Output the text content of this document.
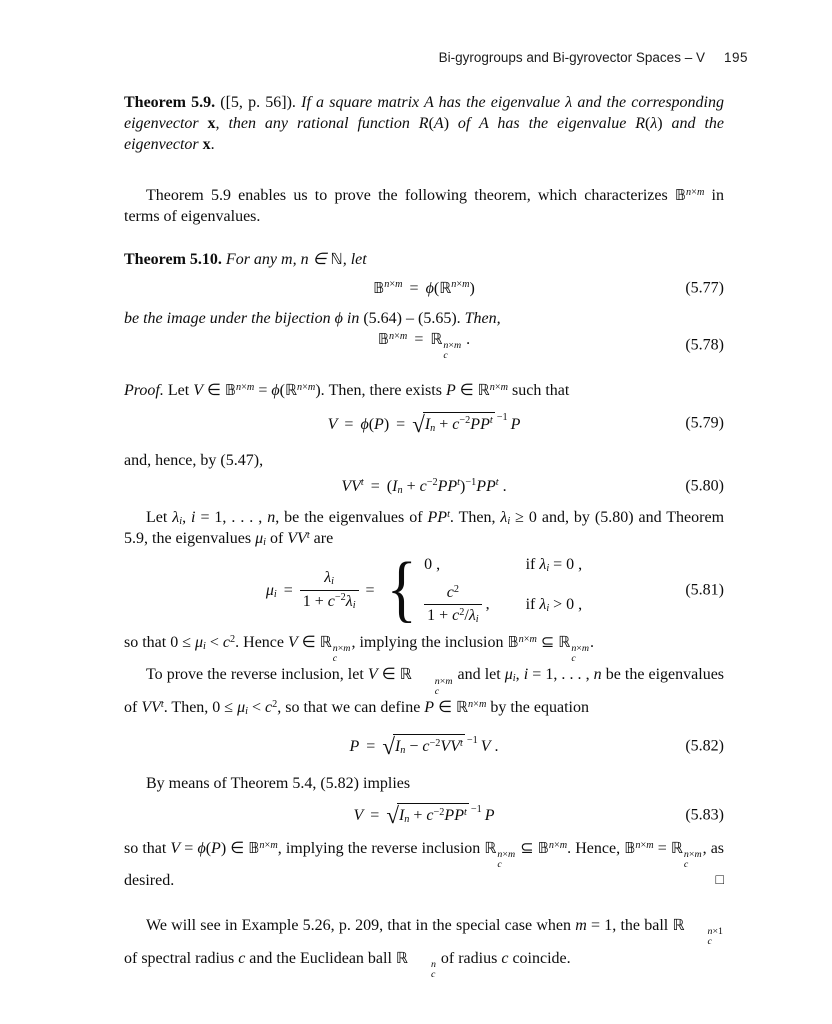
Bi-gyrogroups and Bi-gyrovector Spaces – V 195

Theorem 5.9. ([5, p. 56]). If a square matrix A has the eigenvalue λ and the corresponding eigenvector x, then any rational function R(A) of A has the eigenvalue R(λ) and the eigenvector x.

Theorem 5.9 enables us to prove the following theorem, which characterizes 𝔹$^{n\times m}$ in terms of eigenvalues.

Theorem 5.10. For any m, n ∈ ℕ, let

𝔹$^{n\times m}$ = ϕ(ℝ$^{n\times m}$)	(5.77)

be the image under the bijection ϕ in (5.64) – (5.65). Then,

𝔹$^{n\times m}$ = ℝ n×m
c
.	(5.78)

Proof. Let V ∈ 𝔹$^{n\times m}$ = ϕ(ℝ$^{n\times m}$). Then, there exists P ∈ ℝ$^{n\times m}$ such that

$V = \phi(P) = √I_n + c^{-2}PP^t$ $^{-1}$ P	(5.79)

and, hence, by (5.47),

$VV^t = (I_n + c^{-2}PP^t)^{-1}PP^t$ .	(5.80)

Let $\lambda_i$, i = 1, . . . , n, be the eigenvalues of $PP^t$. Then, $\lambda_i \ge 0$ and, by (5.80) and Theorem 5.9, the eigenvalues $\mu_i$ of $VV^t$ are

$\mu_i = \frac{\lambda_i}{1 + c^{-2}\lambda_i}$ = { 0 ,	if $\lambda_i = 0$ ,
$\frac{c^2}{1 + c^2/\lambda_i}$ , if $\lambda_i > 0$ ,
(5.81)

so that $0 \le \mu_i < c^2$. Hence V ∈ ℝ n×m
c
, implying the inclusion 𝔹$^{n\times m}$ ⊆ ℝ n×m
c
.

To prove the reverse inclusion, let V ∈ ℝ	n×m
c
and let $\mu_i$, i = 1, . . . , n be the eigenvalues of $VV^t$. Then, $0 \le \mu_i < c^2$, so that we can define P ∈ ℝ$^{n\times m}$ by the equation

$P = √I_n - c^{-2}VV^t$ $^{-1}$ V .	(5.82)

By means of Theorem 5.4, (5.82) implies

$V = √I_n + c^{-2}PP^t$ $^{-1}$ P	(5.83)

so that V = ϕ(P) ∈ 𝔹$^{n\times m}$, implying the reverse inclusion ℝ n×m
c
⊆ 𝔹$^{n\times m}$. Hence, 𝔹$^{n\times m}$ = ℝ n×m
c
, as desired.	□

We will see in Example 5.26, p. 209, that in the special case when m = 1, the ball ℝ	n×1
c
of spectral radius c and the Euclidean ball ℝ	n
c
of radius c coincide.
